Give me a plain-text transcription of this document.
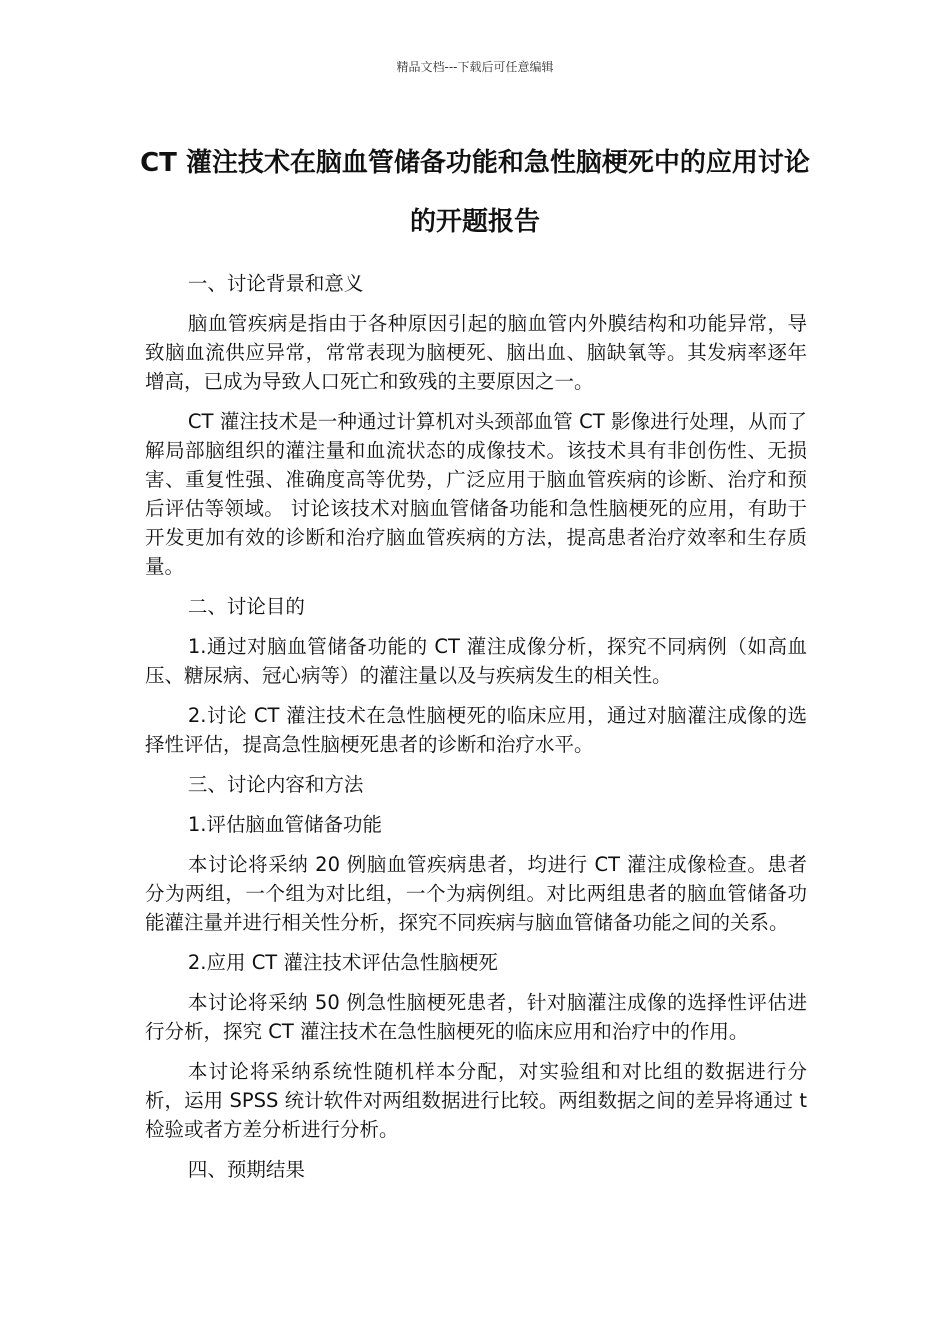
精品文档---下载后可任意编辑
CT 灌注技术在脑血管储备功能和急性脑梗死中的应用讨论的开题报告
一、讨论背景和意义
脑血管疾病是指由于各种原因引起的脑血管内外膜结构和功能异常，导致脑血流供应异常，常常表现为脑梗死、脑出血、脑缺氧等。其发病率逐年增高，已成为导致人口死亡和致残的主要原因之一。
CT 灌注技术是一种通过计算机对头颈部血管 CT 影像进行处理，从而了解局部脑组织的灌注量和血流状态的成像技术。该技术具有非创伤性、无损害、重复性强、准确度高等优势，广泛应用于脑血管疾病的诊断、治疗和预后评估等领域。 讨论该技术对脑血管储备功能和急性脑梗死的应用，有助于开发更加有效的诊断和治疗脑血管疾病的方法，提高患者治疗效率和生存质量。
二、讨论目的
1.通过对脑血管储备功能的 CT 灌注成像分析，探究不同病例（如高血压、糖尿病、冠心病等）的灌注量以及与疾病发生的相关性。
2.讨论 CT 灌注技术在急性脑梗死的临床应用，通过对脑灌注成像的选择性评估，提高急性脑梗死患者的诊断和治疗水平。
三、讨论内容和方法
1.评估脑血管储备功能
本讨论将采纳 20 例脑血管疾病患者，均进行 CT 灌注成像检查。患者分为两组，一个组为对比组，一个为病例组。对比两组患者的脑血管储备功能灌注量并进行相关性分析，探究不同疾病与脑血管储备功能之间的关系。
2.应用 CT 灌注技术评估急性脑梗死
本讨论将采纳 50 例急性脑梗死患者，针对脑灌注成像的选择性评估进行分析，探究 CT 灌注技术在急性脑梗死的临床应用和治疗中的作用。
本讨论将采纳系统性随机样本分配，对实验组和对比组的数据进行分析，运用 SPSS 统计软件对两组数据进行比较。两组数据之间的差异将通过 t 检验或者方差分析进行分析。
四、预期结果
